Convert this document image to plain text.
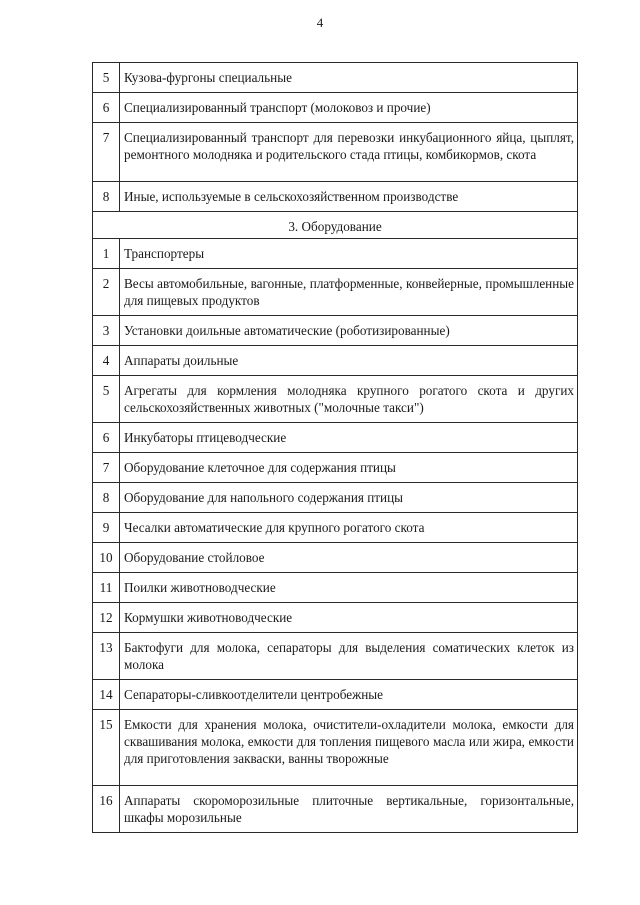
4
5	Кузова-фургоны специальные
6	Специализированный транспорт (молоковоз и прочие)
7	Специализированный транспорт для перевозки инкубационного яйца, цыплят, ремонтного молодняка и родительского стада птицы, комбикормов, скота
8	Иные, используемые в сельскохозяйственном производстве
3. Оборудование	
1	Транспортеры
2	Весы автомобильные, вагонные, платформенные, конвейерные, промышленные для пищевых продуктов
3	Установки доильные автоматические (роботизированные)
4	Аппараты доильные
5	Агрегаты для кормления молодняка крупного рогатого скота и других сельскохозяйственных животных ("молочные такси")
6	Инкубаторы птицеводческие
7	Оборудование клеточное для содержания птицы
8	Оборудование для напольного содержания птицы
9	Чесалки автоматические для крупного рогатого скота
10	Оборудование стойловое
11	Поилки животноводческие
12	Кормушки животноводческие
13	Бактофуги для молока, сепараторы для выделения соматических клеток из молока
14	Сепараторы-сливкоотделители центробежные
15	Емкости для хранения молока, очистители-охладители молока, емкости для сквашивания молока, емкости для топления пищевого масла или жира, емкости для приготовления закваски, ванны творожные
16	Аппараты скороморозильные плиточные вертикальные, горизонтальные, шкафы морозильные
